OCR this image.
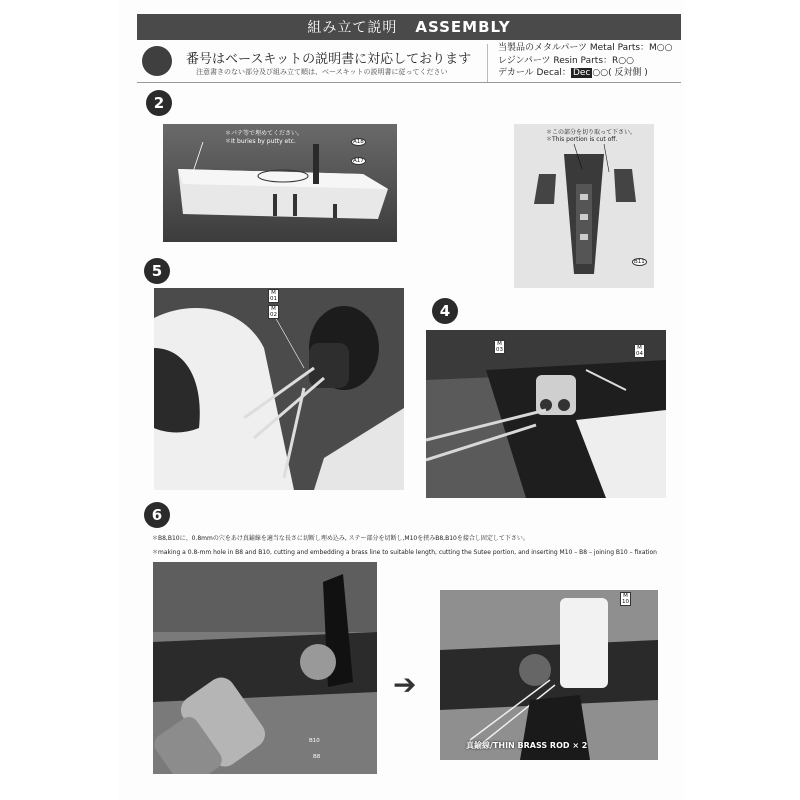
組み立て説明 ASSEMBLY
番号はベースキットの説明書に対応しております
注意書きのない部分及び組み立て順は、ベースキットの説明書に従ってください
当製品のメタルパーツ Metal Parts：M○○
レジンパーツ Resin Parts：R○○
デカール Decal： Dec ○○( 反対側 )
2
＊パテ等で埋めてください。
＊It buries by putty etc.	A18
A17
＊この部分を切り取って下さい。
＊This portion is cut off.
B11
5
M
01
M
02	4
M
03	M
04
6
＊B8,B10に、0.8mmの穴をあけ真鍮線を適当な長さに切断し埋め込み, ステー部分を切断し,M10を挟みB8,B10を接合し固定して下さい。
＊making a 0.8-mm hole in B8 and B10, cutting and embedding a brass line to suitable length, cutting the Sutee portion, and inserting M10 – B8 – joining B10 – fixation
B10
B8
➔
M
10
真鍮線/THIN BRASS ROD × 2
